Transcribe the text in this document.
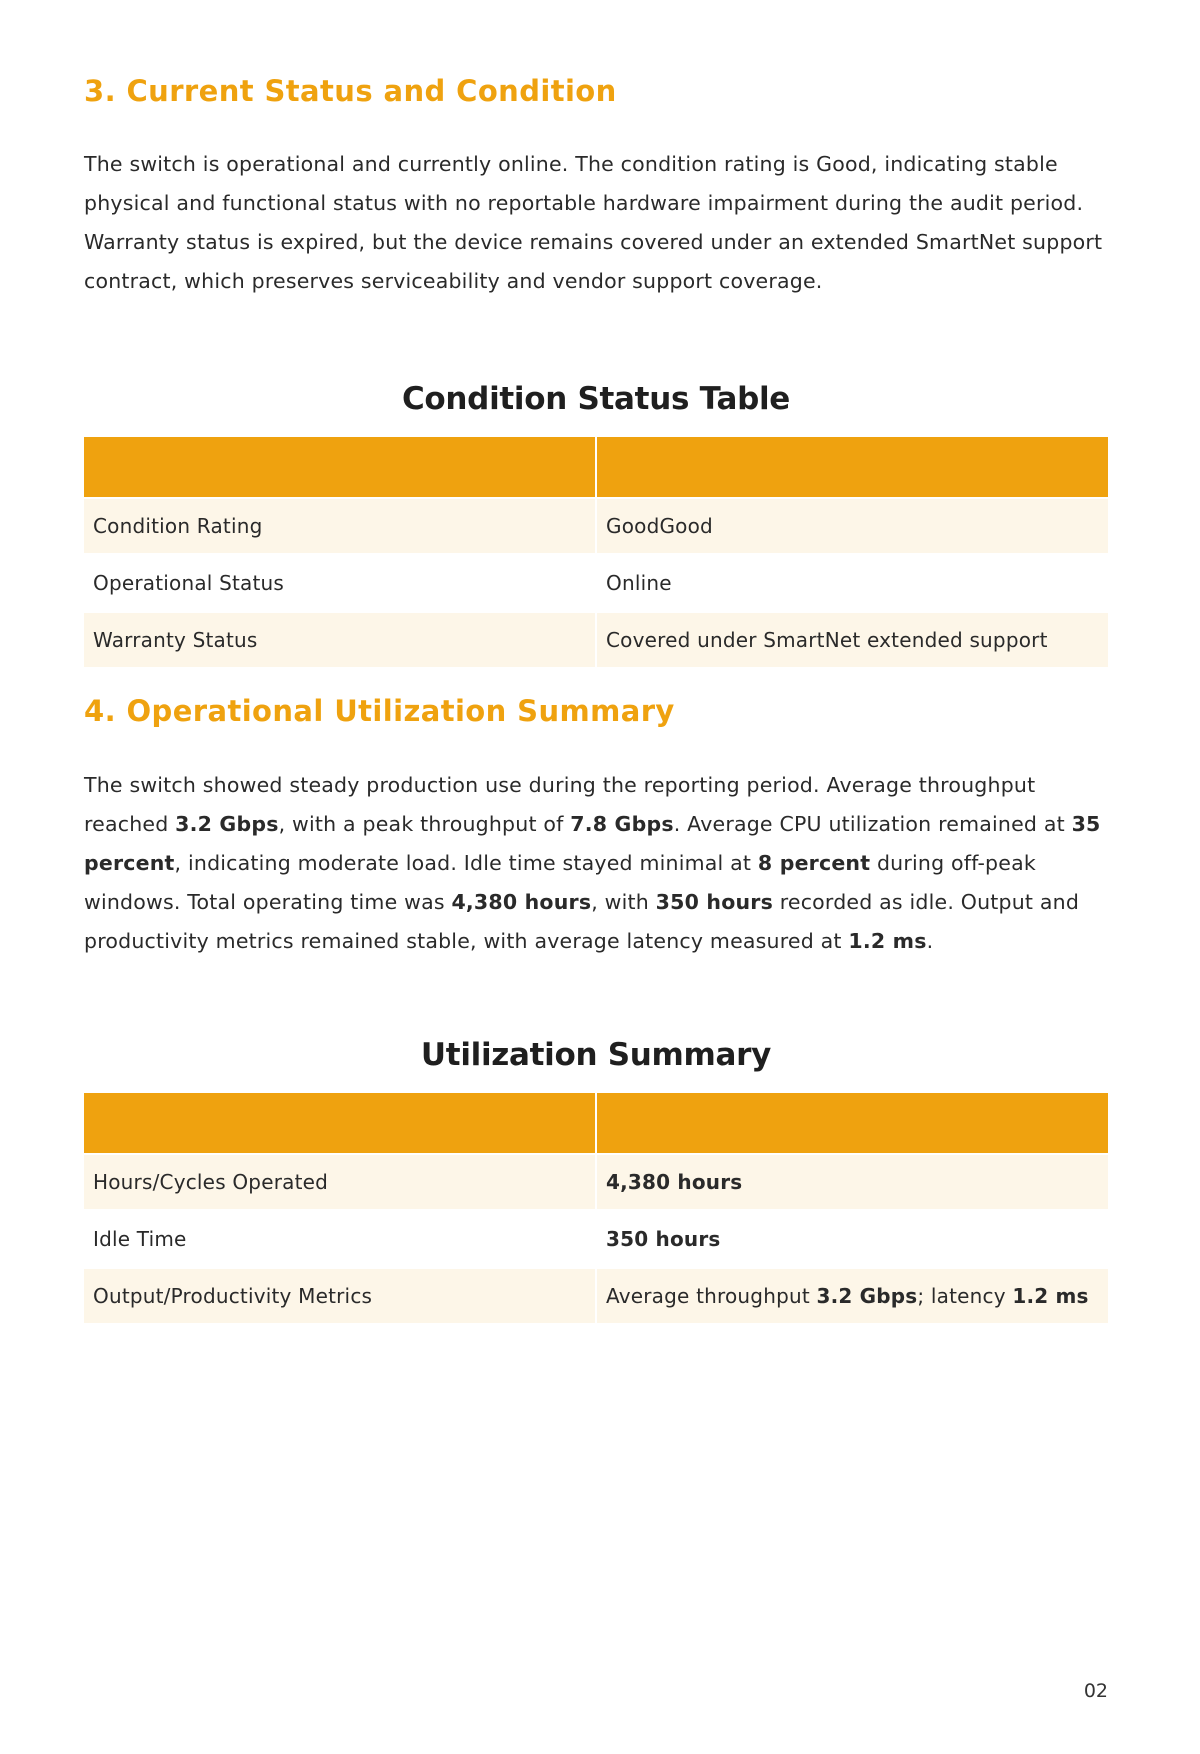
3. Current Status and Condition

The switch is operational and currently online. The condition rating is Good, indicating stable physical and functional status with no reportable hardware impairment during the audit period. Warranty status is expired, but the device remains covered under an extended SmartNet support contract, which preserves serviceability and vendor support coverage.

Condition Status Table

Condition Rating	GoodGood
Operational Status	Online
Warranty Status	Covered under SmartNet extended support
4. Operational Utilization Summary

The switch showed steady production use during the reporting period. Average throughput reached 3.2 Gbps, with a peak throughput of 7.8 Gbps. Average CPU utilization remained at 35 percent, indicating moderate load. Idle time stayed minimal at 8 percent during off-peak windows. Total operating time was 4,380 hours, with 350 hours recorded as idle. Output and productivity metrics remained stable, with average latency measured at 1.2 ms.

Utilization Summary

Hours/Cycles Operated	4,380 hours
Idle Time	350 hours
Output/Productivity Metrics	Average throughput 3.2 Gbps; latency 1.2 ms
02
